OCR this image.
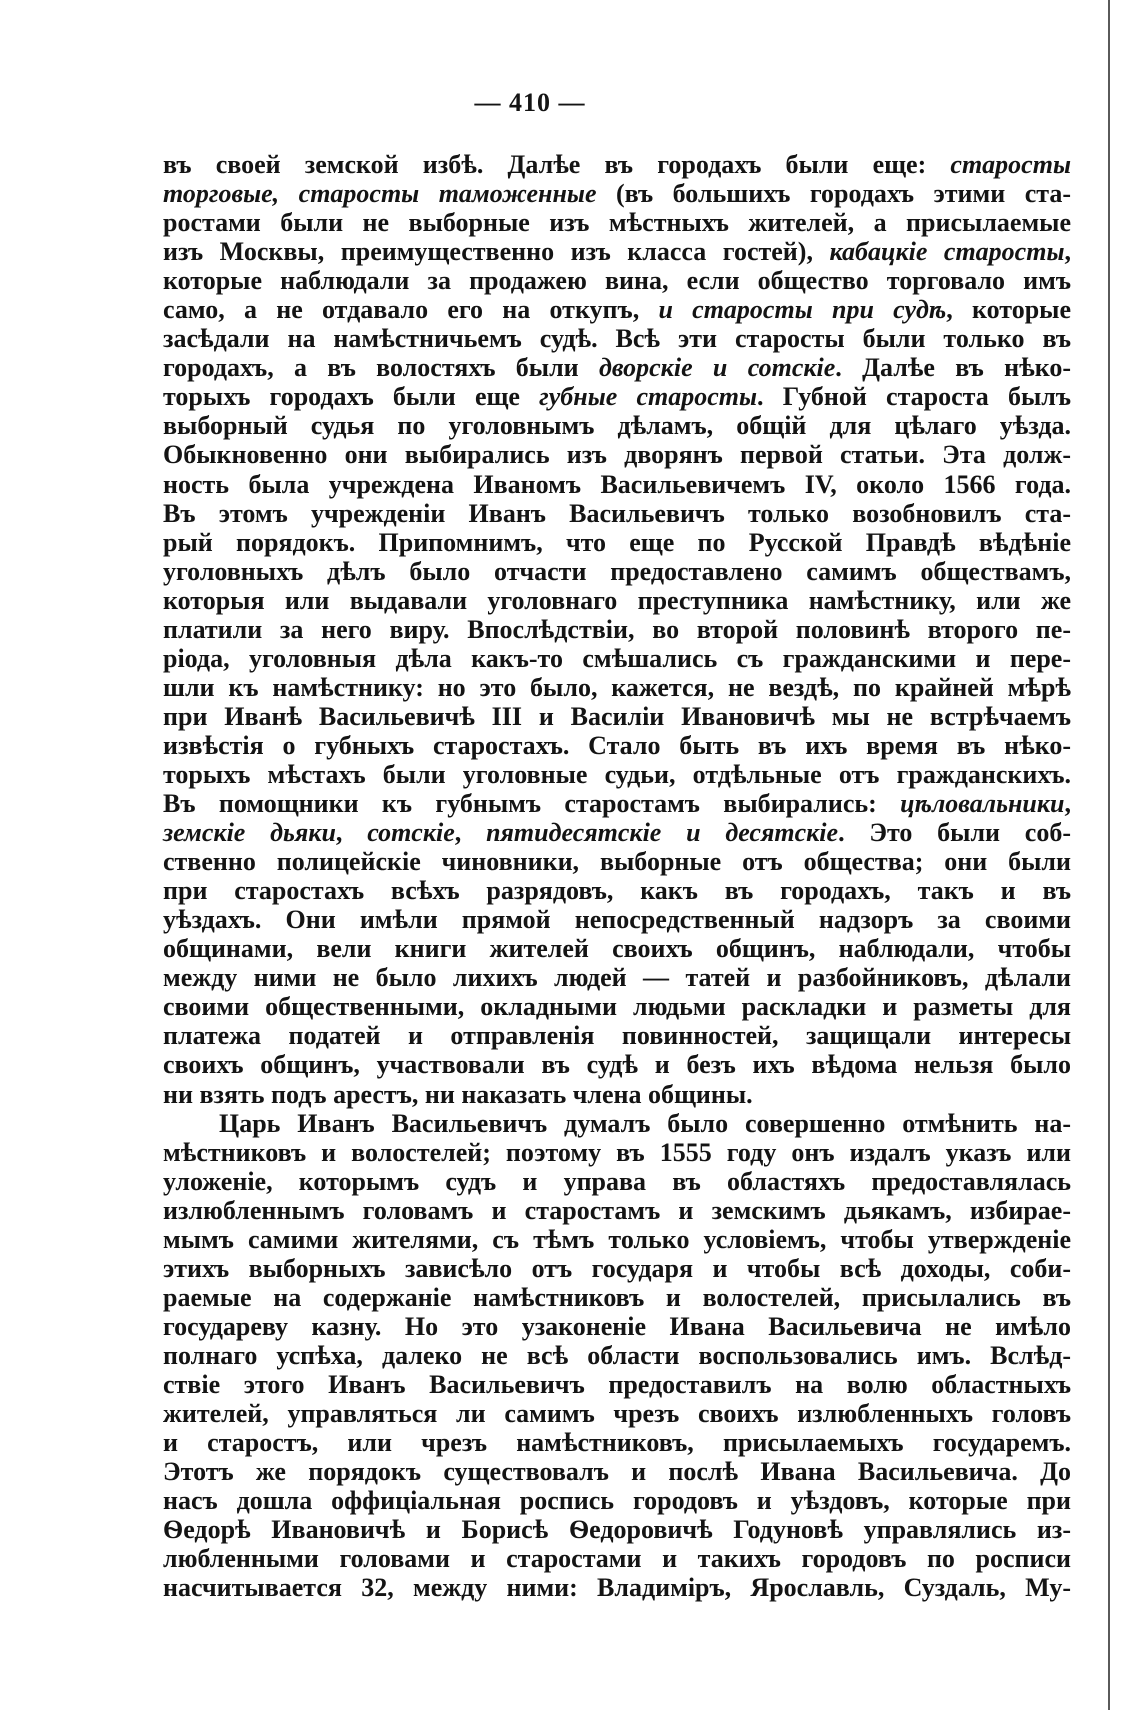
— 410 —
въ своей земской избѣ. Далѣе въ городахъ были еще: старосты
торговые, старосты таможенные (въ большихъ городахъ этими ста-
ростами были не выборные изъ мѣстныхъ жителей, а присылаемые
изъ Москвы, преимущественно изъ класса гостей), кабацкіе старосты,
которые наблюдали за продажею вина, если общество торговало имъ
само, а не отдавало его на откупъ, и старосты при судѣ, которые
засѣдали на намѣстничьемъ судѣ. Всѣ эти старосты были только въ
городахъ, а въ волостяхъ были дворскіе и сотскіе. Далѣе въ нѣко-
торыхъ городахъ были еще губные старосты. Губной староста былъ
выборный судья по уголовнымъ дѣламъ, общій для цѣлаго уѣзда.
Обыкновенно они выбирались изъ дворянъ первой статьи. Эта долж-
ность была учреждена Иваномъ Васильевичемъ IV, около 1566 года.
Въ этомъ учрежденіи Иванъ Васильевичъ только возобновилъ ста-
рый порядокъ. Припомнимъ, что еще по Русской Правдѣ вѣдѣніе
уголовныхъ дѣлъ было отчасти предоставлено самимъ обществамъ,
которыя или выдавали уголовнаго преступника намѣстнику, или же
платили за него виру. Впослѣдствіи, во второй половинѣ второго пе-
ріода, уголовныя дѣла какъ-то смѣшались съ гражданскими и пере-
шли къ намѣстнику: но это было, кажется, не вездѣ, по крайней мѣрѣ
при Иванѣ Васильевичѣ III и Василіи Ивановичѣ мы не встрѣчаемъ
извѣстія о губныхъ старостахъ. Стало быть въ ихъ время въ нѣко-
торыхъ мѣстахъ были уголовные судьи, отдѣльные отъ гражданскихъ.
Въ помощники къ губнымъ старостамъ выбирались: цѣловальники,
земскіе дьяки, сотскіе, пятидесятскіе и десятскіе. Это были соб-
ственно полицейскіе чиновники, выборные отъ общества; они были
при старостахъ всѣхъ разрядовъ, какъ въ городахъ, такъ и въ
уѣздахъ. Они имѣли прямой непосредственный надзоръ за своими
общинами, вели книги жителей своихъ общинъ, наблюдали, чтобы
между ними не было лихихъ людей — татей и разбойниковъ, дѣлали
своими общественными, окладными людьми раскладки и разметы для
платежа податей и отправленія повинностей, защищали интересы
своихъ общинъ, участвовали въ судѣ и безъ ихъ вѣдома нельзя было
ни взять подъ арестъ, ни наказать члена общины.
Царь Иванъ Васильевичъ думалъ было совершенно отмѣнить на-
мѣстниковъ и волостелей; поэтому въ 1555 году онъ издалъ указъ или
уложеніе, которымъ судъ и управа въ областяхъ предоставлялась
излюбленнымъ головамъ и старостамъ и земскимъ дьякамъ, избирае-
мымъ самими жителями, съ тѣмъ только условіемъ, чтобы утвержденіе
этихъ выборныхъ зависѣло отъ государя и чтобы всѣ доходы, соби-
раемые на содержаніе намѣстниковъ и волостелей, присылались въ
государеву казну. Но это узаконеніе Ивана Васильевича не имѣло
полнаго успѣха, далеко не всѣ области воспользовались имъ. Вслѣд-
ствіе этого Иванъ Васильевичъ предоставилъ на волю областныхъ
жителей, управляться ли самимъ чрезъ своихъ излюбленныхъ головъ
и старостъ, или чрезъ намѣстниковъ, присылаемыхъ государемъ.
Этотъ же порядокъ существовалъ и послѣ Ивана Васильевича. До
насъ дошла оффиціальная роспись городовъ и уѣздовъ, которые при
Ѳедорѣ Ивановичѣ и Борисѣ Ѳедоровичѣ Годуновѣ управлялись из-
любленными головами и старостами и такихъ городовъ по росписи
насчитывается 32, между ними: Владиміръ, Ярославль, Суздаль, Му-
